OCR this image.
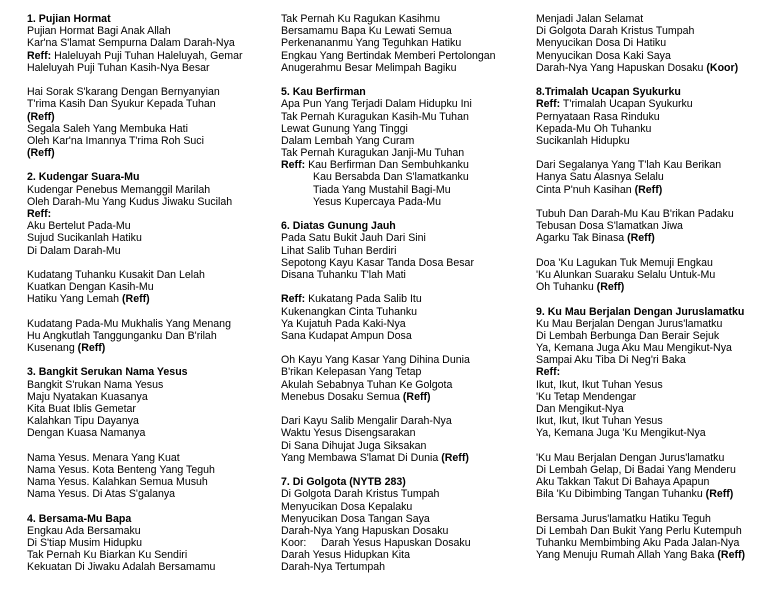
1. Pujian Hormat
Pujian Hormat Bagi Anak Allah
Kar'na S'lamat Sempurna Dalam Darah-Nya
Reff: Haleluyah Puji Tuhan Haleluyah, Gemar
Haleluyah Puji Tuhan Kasih-Nya Besar
Hai Sorak S'karang Dengan Bernyanyian
T'rima Kasih Dan Syukur Kepada Tuhan
(Reff)
Segala Saleh Yang Membuka Hati
Oleh Kar'na Imannya T'rima Roh Suci
(Reff)
2. Kudengar Suara-Mu
Kudengar Penebus Memanggil Marilah
Oleh Darah-Mu Yang Kudus Jiwaku Sucilah
Reff:
Aku Bertelut Pada-Mu
Sujud Sucikanlah Hatiku
Di Dalam Darah-Mu
Kudatang Tuhanku Kusakit Dan Lelah
Kuatkan Dengan Kasih-Mu
Hatiku Yang Lemah (Reff)
Kudatang Pada-Mu Mukhalis Yang Menang
Hu Angkutlah Tanggunganku Dan B'rilah
Kusenang (Reff)
3. Bangkit Serukan Nama Yesus
Bangkit S'rukan Nama Yesus
Maju Nyatakan Kuasanya
Kita Buat Iblis Gemetar
Kalahkan Tipu Dayanya
Dengan Kuasa Namanya
Nama Yesus. Menara Yang Kuat
Nama Yesus. Kota Benteng Yang Teguh
Nama Yesus. Kalahkan Semua Musuh
Nama Yesus. Di Atas S'galanya
4. Bersama-Mu Bapa
Engkau Ada Bersamaku
Di S'tiap Musim Hidupku
Tak Pernah Ku Biarkan Ku Sendiri
Kekuatan Di Jiwaku Adalah Bersamamu
Tak Pernah Ku Ragukan Kasihmu
Bersamamu Bapa Ku Lewati Semua
Perkenananmu Yang Teguhkan Hatiku
Engkau Yang Bertindak Memberi Pertolongan
Anugerahmu Besar Melimpah Bagiku
5. Kau Berfirman
Apa Pun Yang Terjadi Dalam Hidupku Ini
Tak Pernah Kuragukan Kasih-Mu Tuhan
Lewat Gunung Yang Tinggi
Dalam Lembah Yang Curam
Tak Pernah Kuragukan Janji-Mu Tuhan
Reff: Kau Berfirman Dan Sembuhkanku
Kau Bersabda Dan S'lamatkanku
Tiada Yang Mustahil Bagi-Mu
Yesus Kupercaya Pada-Mu
6. Diatas Gunung Jauh
Pada Satu Bukit Jauh Dari Sini
Lihat Salib Tuhan Berdiri
Sepotong Kayu Kasar Tanda Dosa Besar
Disana Tuhanku T'lah Mati
Reff: Kukatang Pada Salib Itu
Kukenangkan Cinta Tuhanku
Ya Kujatuh Pada Kaki-Nya
Sana Kudapat Ampun Dosa
Oh Kayu Yang Kasar Yang Dihina Dunia
B'rikan Kelepasan Yang Tetap
Akulah Sebabnya Tuhan Ke Golgota
Menebus Dosaku Semua (Reff)
Dari Kayu Salib Mengalir Darah-Nya
Waktu Yesus Disengsarakan
Di Sana Dihujat Juga Siksakan
Yang Membawa S'lamat Di Dunia (Reff)
7. Di Golgota (NYTB 283)
Di Golgota Darah Kristus Tumpah
Menyucikan Dosa Kepalaku
Menyucikan Dosa Tangan Saya
Darah-Nya Yang Hapuskan Dosaku
Koor: Darah Yesus Hapuskan Dosaku
Darah Yesus Hidupkan Kita
Darah-Nya Tertumpah
Menjadi Jalan Selamat
Di Golgota Darah Kristus Tumpah
Menyucikan Dosa Di Hatiku
Menyucikan Dosa Kaki Saya
Darah-Nya Yang Hapuskan Dosaku (Koor)
8.Trimalah Ucapan Syukurku
Reff: T'rimalah Ucapan Syukurku
Pernyataan Rasa Rinduku
Kepada-Mu Oh Tuhanku
Sucikanlah Hidupku
Dari Segalanya Yang T'lah Kau Berikan
Hanya Satu Alasnya Selalu
Cinta P'nuh Kasihan (Reff)
Tubuh Dan Darah-Mu Kau B'rikan Padaku
Tebusan Dosa S'lamatkan Jiwa
Agarku Tak Binasa (Reff)
Doa 'Ku Lagukan Tuk Memuji Engkau
'Ku Alunkan Suaraku Selalu Untuk-Mu
Oh Tuhanku (Reff)
9. Ku Mau Berjalan Dengan Juruslamatku
Ku Mau Berjalan Dengan Jurus'lamatku
Di Lembah Berbunga Dan Berair Sejuk
Ya, Kemana Juga Aku Mau Mengikut-Nya
Sampai Aku Tiba Di Neg'ri Baka
Reff:
Ikut, Ikut, Ikut Tuhan Yesus
'Ku Tetap Mendengar
Dan Mengikut-Nya
Ikut, Ikut, Ikut Tuhan Yesus
Ya, Kemana Juga 'Ku Mengikut-Nya
'Ku Mau Berjalan Dengan Jurus'lamatku
Di Lembah Gelap, Di Badai Yang Menderu
Aku Takkan Takut Di Bahaya Apapun
Bila 'Ku Dibimbing Tangan Tuhanku (Reff)
Bersama Jurus'lamatku Hatiku Teguh
Di Lembah Dan Bukit Yang Perlu Kutempuh
Tuhanku Membimbing Aku Pada Jalan-Nya
Yang Menuju Rumah Allah Yang Baka (Reff)
